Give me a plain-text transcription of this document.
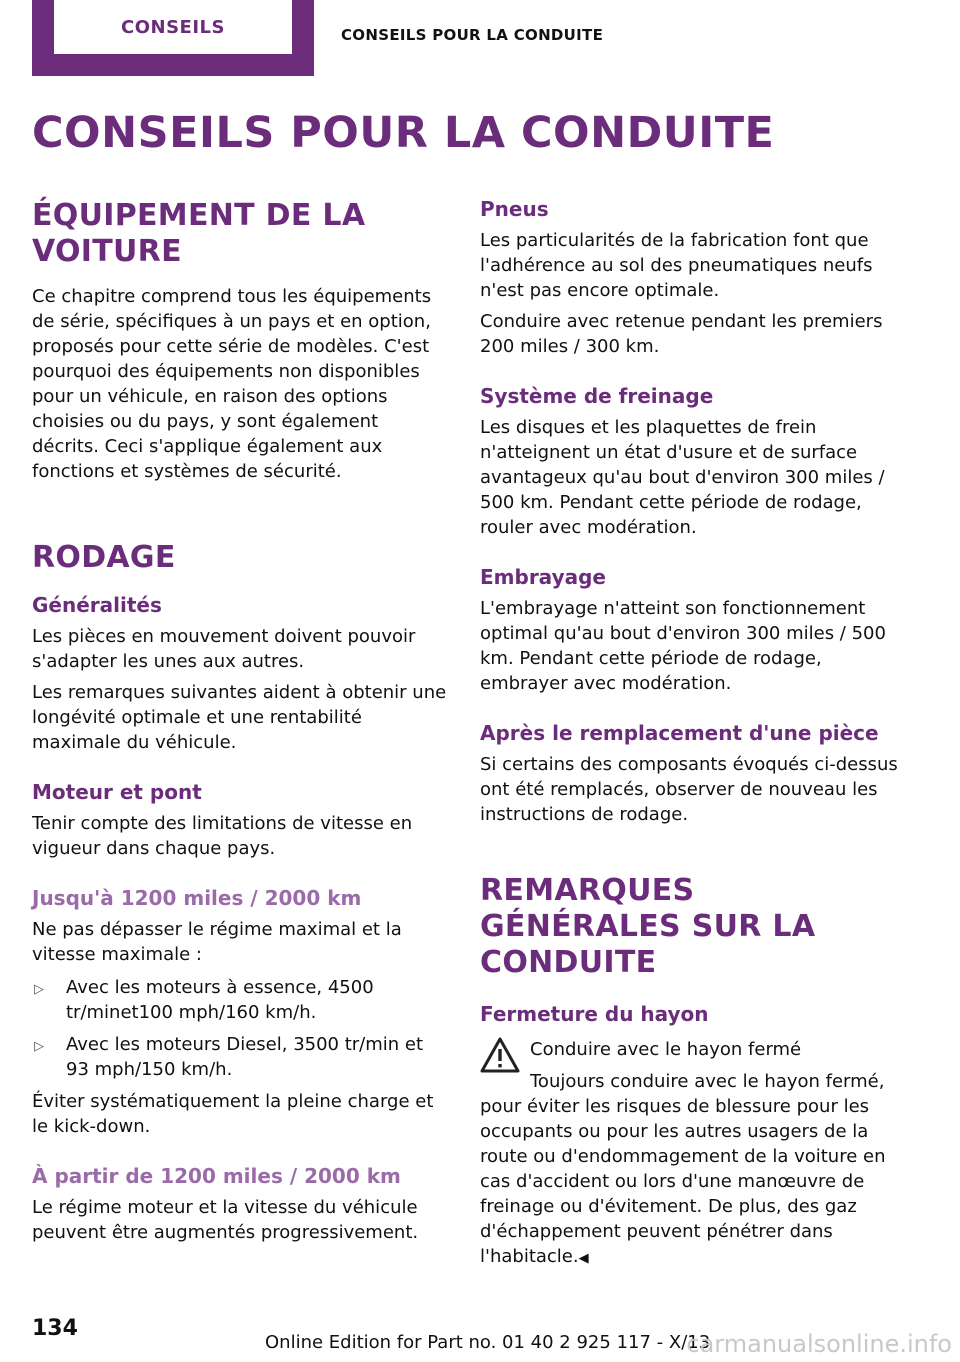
CONSEILS	CONSEILS POUR LA CONDUITE
CONSEILS POUR LA CONDUITE
ÉQUIPEMENT DE LA VOITURE

Ce chapitre comprend tous les équipements de série, spécifiques à un pays et en option, proposés pour cette série de modèles. C'est pourquoi des équipements non disponibles pour un véhicule, en raison des options choisies ou du pays, y sont également décrits. Ceci s'applique également aux fonctions et systèmes de sécurité.

RODAGE
Généralités

Les pièces en mouvement doivent pouvoir s'adapter les unes aux autres.

Les remarques suivantes aident à obtenir une longévité optimale et une rentabilité maximale du véhicule.

Moteur et pont

Tenir compte des limitations de vitesse en vigueur dans chaque pays.

Jusqu'à 1200 miles / 2000 km

Ne pas dépasser le régime maximal et la vitesse maximale :

▷ Avec les moteurs à essence, 4500 tr/minet100 mph/160 km/h.
▷ Avec les moteurs Diesel, 3500 tr/min et 93 mph/150 km/h.

Éviter systématiquement la pleine charge et le kick-down.

À partir de 1200 miles / 2000 km

Le régime moteur et la vitesse du véhicule peuvent être augmentés progressivement.

Pneus

Les particularités de la fabrication font que l'adhérence au sol des pneumatiques neufs n'est pas encore optimale.

Conduire avec retenue pendant les premiers 200 miles / 300 km.

Système de freinage

Les disques et les plaquettes de frein n'atteignent un état d'usure et de surface avantageux qu'au bout d'environ 300 miles / 500 km. Pendant cette période de rodage, rouler avec modération.

Embrayage

L'embrayage n'atteint son fonctionnement optimal qu'au bout d'environ 300 miles / 500 km. Pendant cette période de rodage, embrayer avec modération.

Après le remplacement d'une pièce

Si certains des composants évoqués ci-dessus ont été remplacés, observer de nouveau les instructions de rodage.

REMARQUES GÉNÉRALES SUR LA CONDUITE
Fermeture du hayon

Conduire avec le hayon fermé

Toujours conduire avec le hayon fermé, pour éviter les risques de blessure pour les occupants ou pour les autres usagers de la route ou d'endommagement de la voiture en cas d'accident ou lors d'une manœuvre de freinage ou d'évitement. De plus, des gaz d'échappement peuvent pénétrer dans l'habitacle.◀

134
Online Edition for Part no. 01 40 2 925 117 - X/13
carmanualsonline.info
